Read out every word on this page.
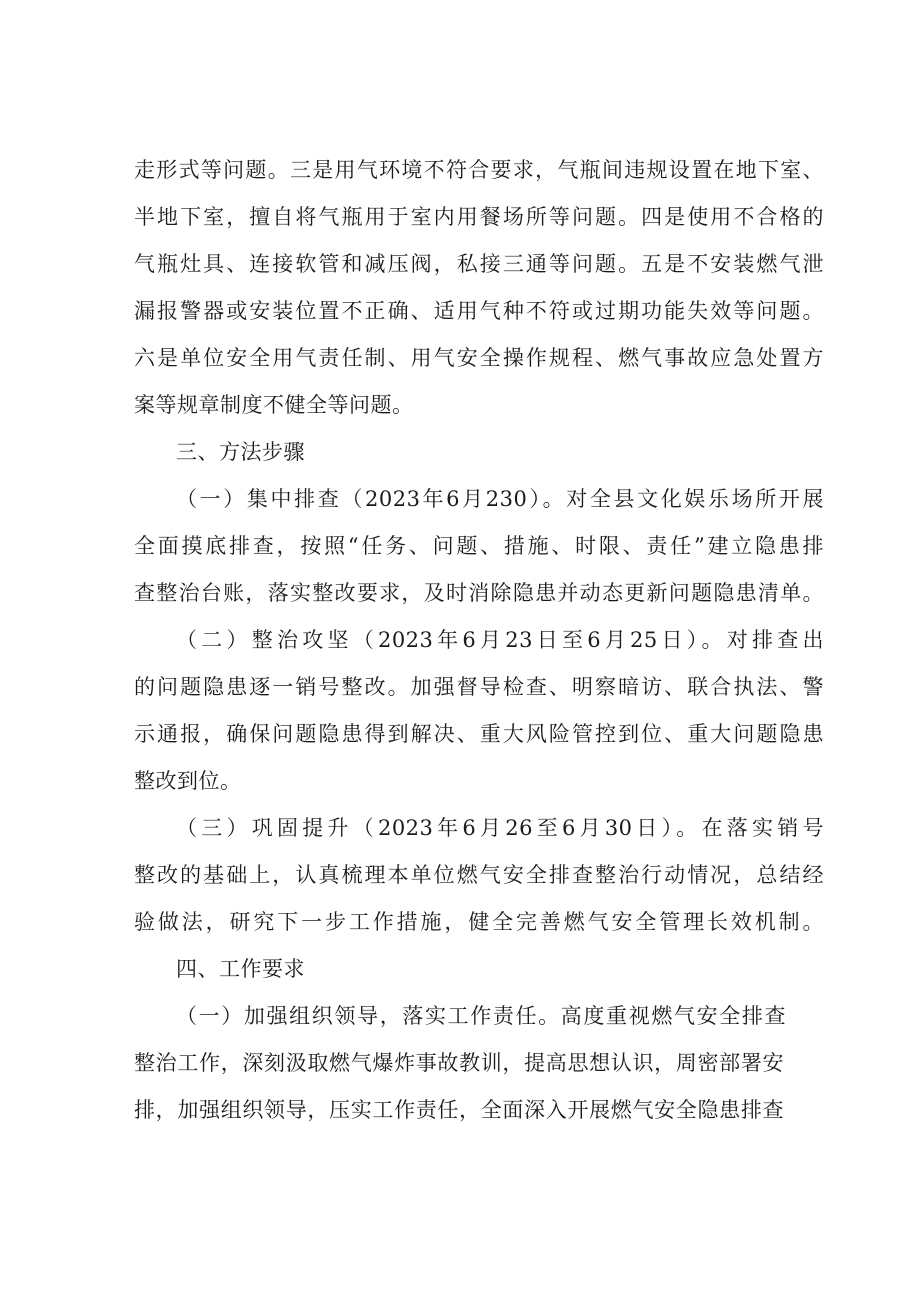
走形式等问题。三是用气环境不符合要求，气瓶间违规设置在地下室、
半地下室，擅自将气瓶用于室内用餐场所等问题。四是使用不合格的
气瓶灶具、连接软管和减压阀，私接三通等问题。五是不安装燃气泄
漏报警器或安装位置不正确、适用气种不符或过期功能失效等问题。
六是单位安全用气责任制、用气安全操作规程、燃气事故应急处置方
案等规章制度不健全等问题。
三、方法步骤
（一）集中排查（2023年6月230）。对全县文化娱乐场所开展
全面摸底排查，按照“任务、问题、措施、时限、责任”建立隐患排
查整治台账，落实整改要求，及时消除隐患并动态更新问题隐患清单。
（二）整治攻坚（2023年6月23日至6月25日）。对排查出
的问题隐患逐一销号整改。加强督导检查、明察暗访、联合执法、警
示通报，确保问题隐患得到解决、重大风险管控到位、重大问题隐患
整改到位。
（三）巩固提升（2023年6月26至6月30日）。在落实销号
整改的基础上，认真梳理本单位燃气安全排查整治行动情况，总结经
验做法，研究下一步工作措施，健全完善燃气安全管理长效机制。
四、工作要求
（一）加强组织领导，落实工作责任。高度重视燃气安全排查
整治工作，深刻汲取燃气爆炸事故教训，提高思想认识，周密部署安
排，加强组织领导，压实工作责任，全面深入开展燃气安全隐患排查
